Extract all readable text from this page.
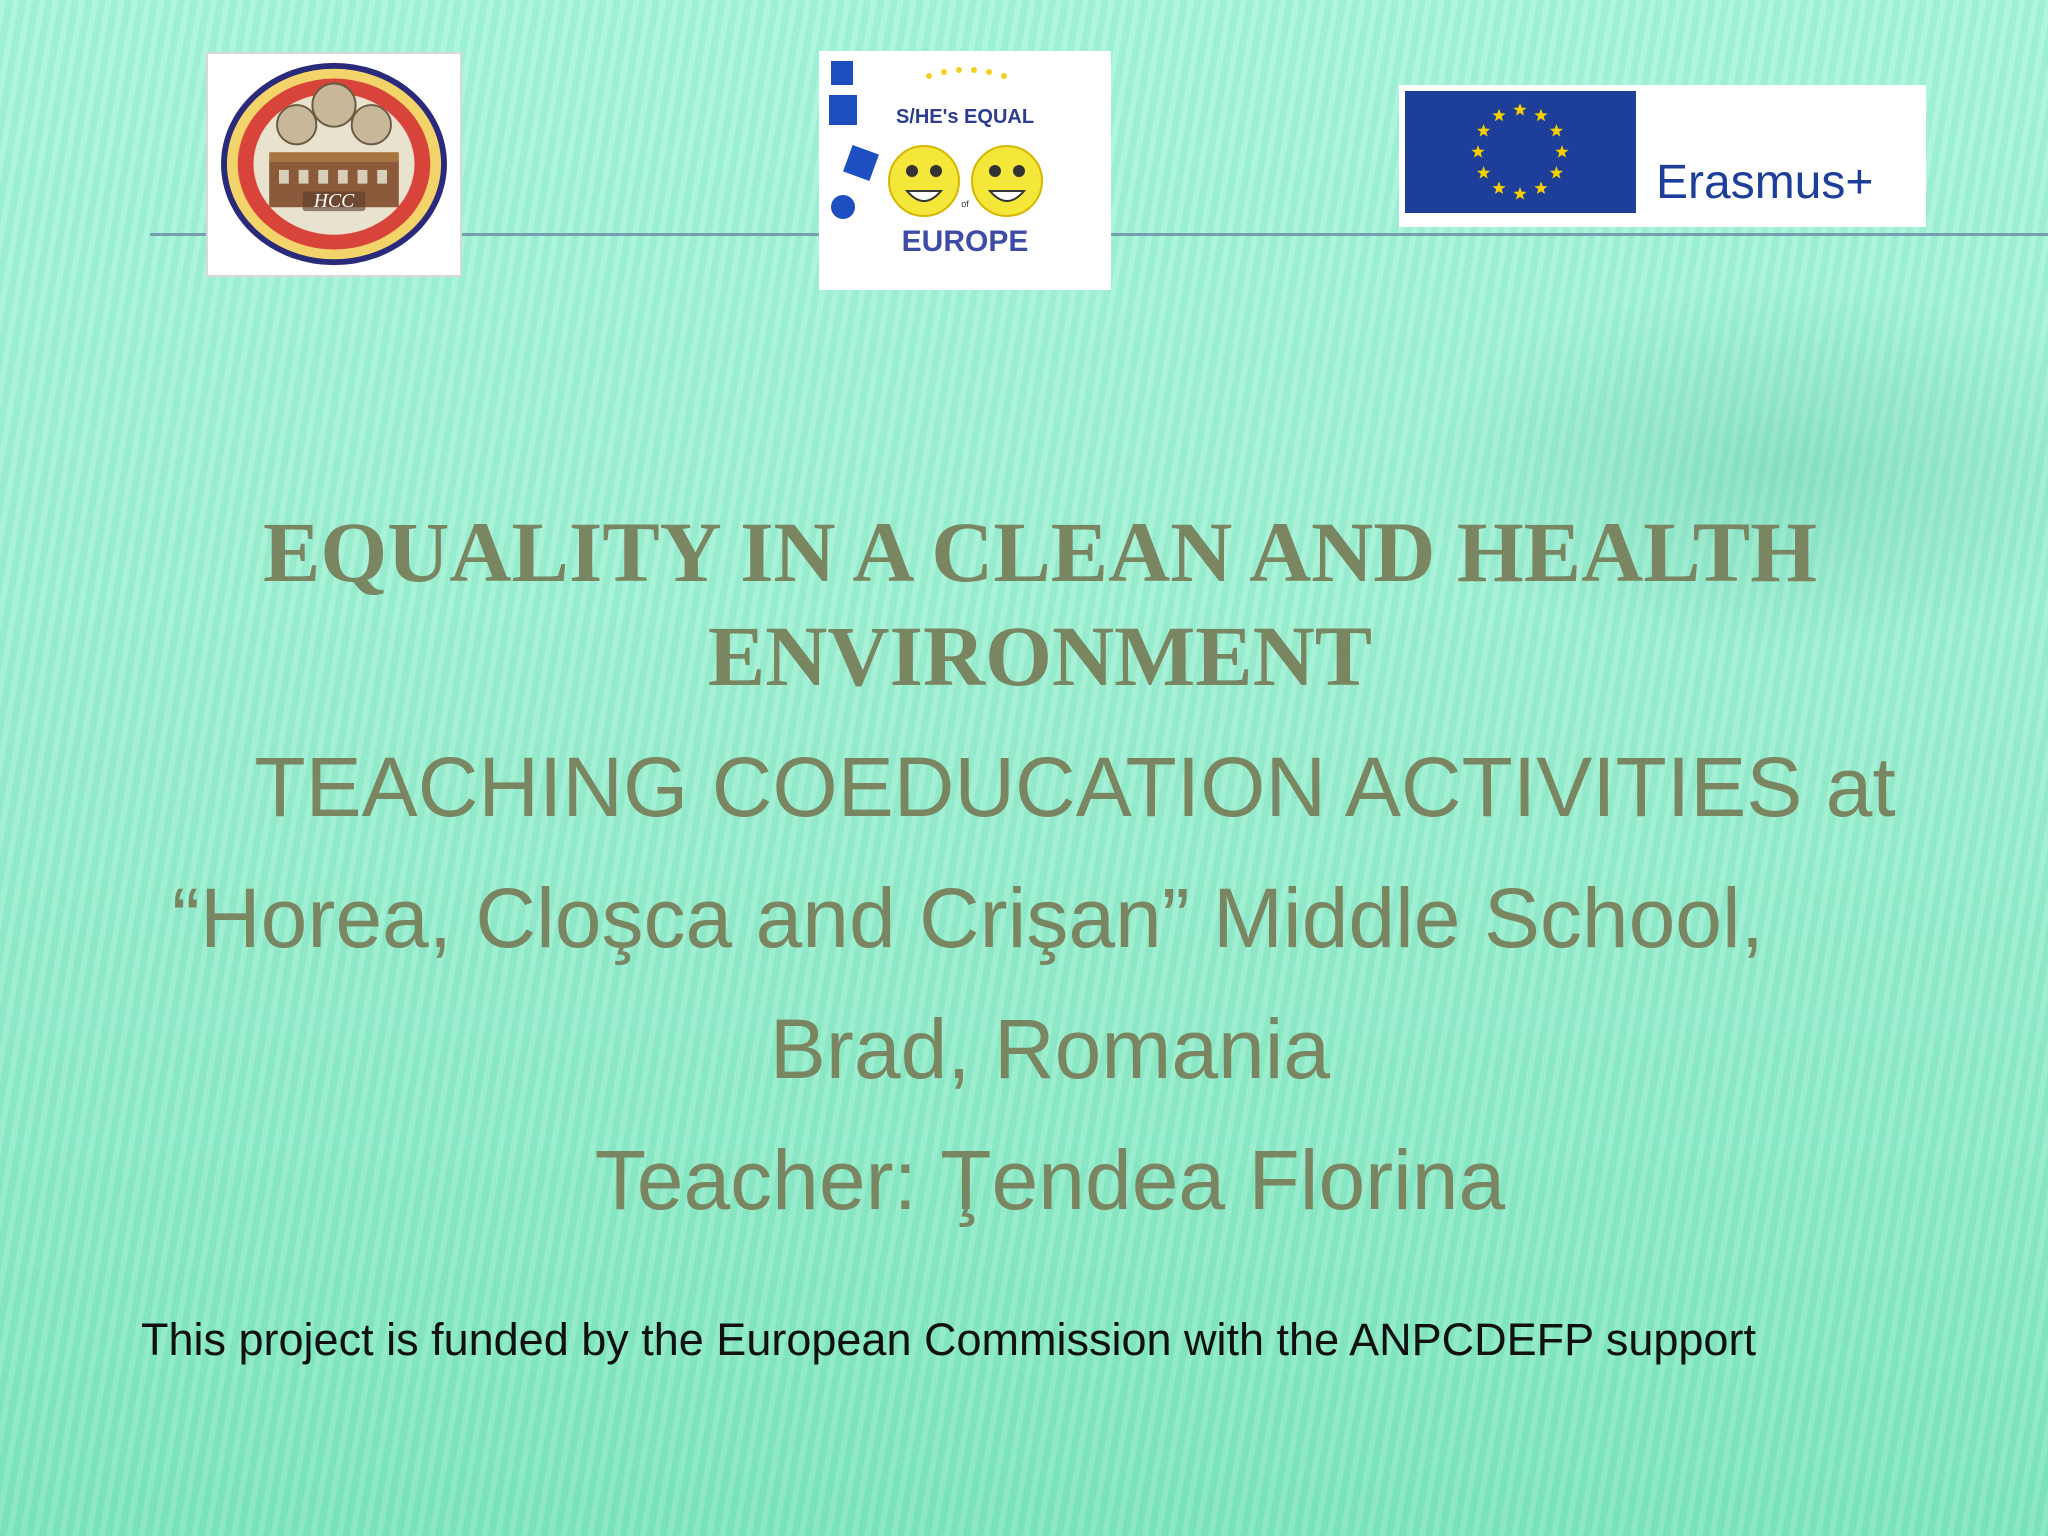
HCC
S/HE's EQUAL
of
EUROPE
Erasmus+
EQUALITY IN A CLEAN AND HEALTH
ENVIRONMENT

TEACHING COEDUCATION ACTIVITIES at

“Horea, Cloşca and Crişan” Middle School,

Brad, Romania

Teacher: Ţendea Florina

This project is funded by the European Commission with the ANPCDEFP support
